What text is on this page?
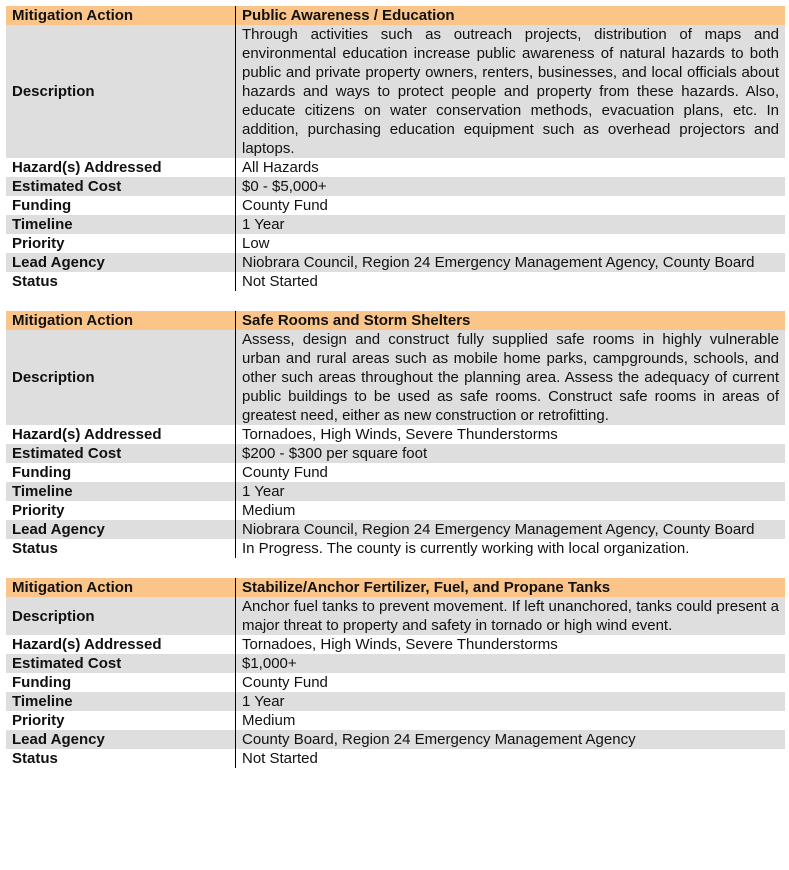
Mitigation Action	Public Awareness / Education
Description	Through activities such as outreach projects, distribution of maps and environmental education increase public awareness of natural hazards to both public and private property owners, renters, businesses, and local officials about hazards and ways to protect people and property from these hazards. Also, educate citizens on water conservation methods, evacuation plans, etc. In addition, purchasing education equipment such as overhead projectors and laptops.
Hazard(s) Addressed	All Hazards
Estimated Cost	$0 - $5,000+
Funding	County Fund
Timeline	1 Year
Priority	Low
Lead Agency	Niobrara Council, Region 24 Emergency Management Agency, County Board
Status	Not Started
Mitigation Action	Safe Rooms and Storm Shelters
Description	Assess, design and construct fully supplied safe rooms in highly vulnerable urban and rural areas such as mobile home parks, campgrounds, schools, and other such areas throughout the planning area. Assess the adequacy of current public buildings to be used as safe rooms. Construct safe rooms in areas of greatest need, either as new construction or retrofitting.
Hazard(s) Addressed	Tornadoes, High Winds, Severe Thunderstorms
Estimated Cost	$200 - $300 per square foot
Funding	County Fund
Timeline	1 Year
Priority	Medium
Lead Agency	Niobrara Council, Region 24 Emergency Management Agency, County Board
Status	In Progress. The county is currently working with local organization.
Mitigation Action	Stabilize/Anchor Fertilizer, Fuel, and Propane Tanks
Description	Anchor fuel tanks to prevent movement. If left unanchored, tanks could present a major threat to property and safety in tornado or high wind event.
Hazard(s) Addressed	Tornadoes, High Winds, Severe Thunderstorms
Estimated Cost	$1,000+
Funding	County Fund
Timeline	1 Year
Priority	Medium
Lead Agency	County Board, Region 24 Emergency Management Agency
Status	Not Started
